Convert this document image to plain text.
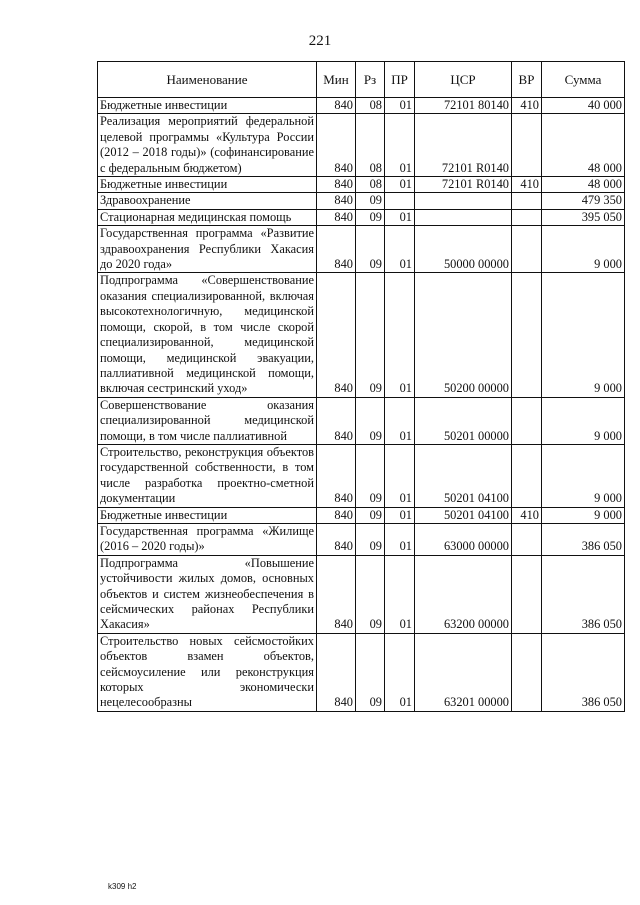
221
Наименование	Мин	Рз	ПР	ЦСР	ВР	Сумма
Бюджетные инвестиции	840	08	01	72101 80140	410	40 000
Реализация мероприятий федеральной целевой программы «Культура России (2012 – 2018 годы)» (софинансирование с федеральным бюджетом)	840	08	01	72101 R0140		48 000
Бюджетные инвестиции	840	08	01	72101 R0140	410	48 000
Здравоохранение	840	09				479 350
Стационарная медицинская помощь	840	09	01			395 050
Государственная программа «Развитие здравоохранения Республики Хакасия до 2020 года»	840	09	01	50000 00000		9 000
Подпрограмма «Совершенствование оказания специализированной, включая высокотехнологичную, медицинской помощи, скорой, в том числе скорой специализированной, медицинской помощи, медицинской эвакуации, паллиативной медицинской помощи, включая сестринский уход»	840	09	01	50200 00000		9 000
Совершенствование оказания специализированной медицинской помощи, в том числе паллиативной	840	09	01	50201 00000		9 000
Строительство, реконструкция объектов государственной собственности, в том числе разработка проектно-сметной документации	840	09	01	50201 04100		9 000
Бюджетные инвестиции	840	09	01	50201 04100	410	9 000
Государственная программа «Жилище (2016 – 2020 годы)»	840	09	01	63000 00000		386 050
Подпрограмма «Повышение устойчивости жилых домов, основных объектов и систем жизнеобеспечения в сейсмических районах Республики Хакасия»	840	09	01	63200 00000		386 050
Строительство новых сейсмостойких объектов взамен объектов, сейсмоусиление или реконструкция которых экономически нецелесообразны	840	09	01	63201 00000		386 050
k309 h2
